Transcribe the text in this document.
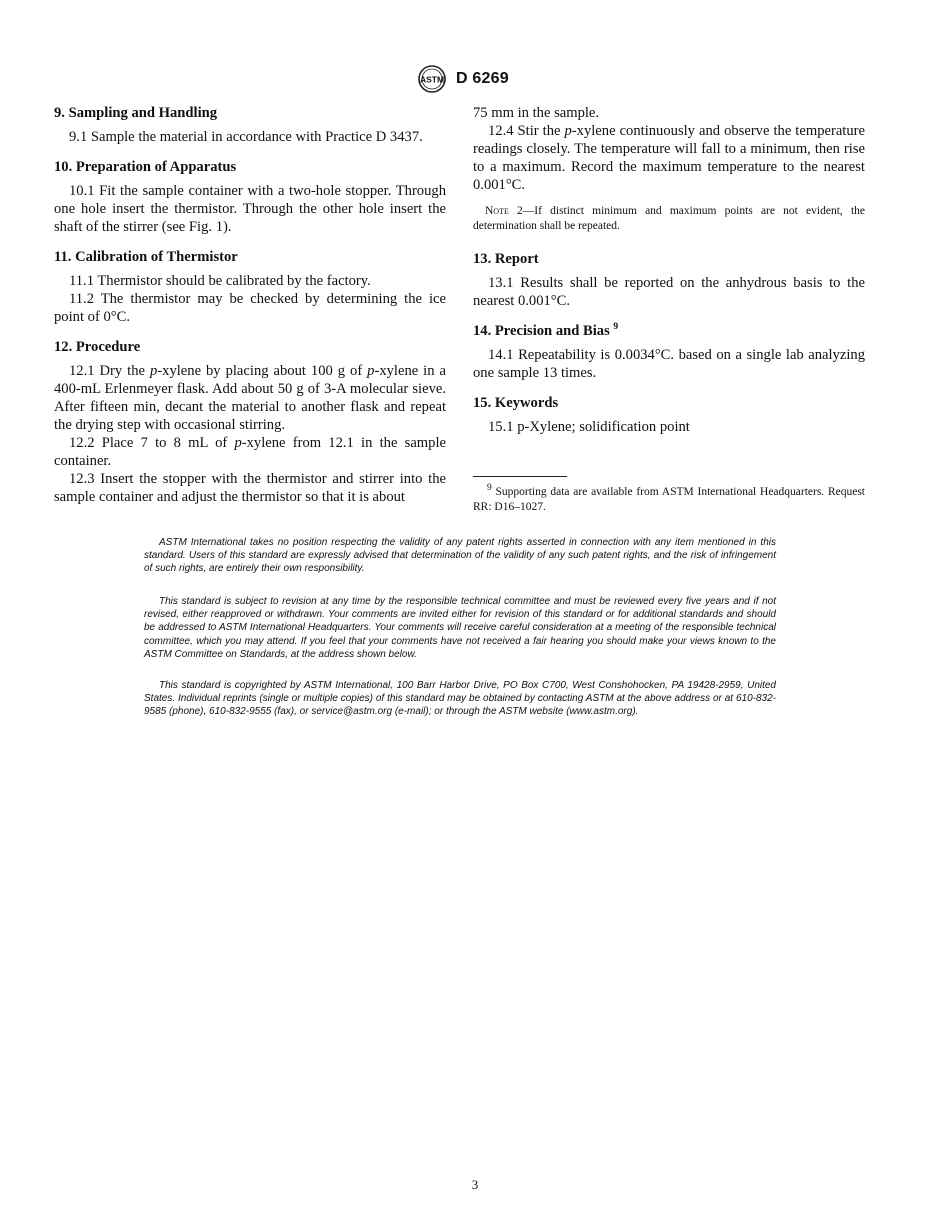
ASTM D 6269
9. Sampling and Handling

9.1 Sample the material in accordance with Practice D 3437.

10. Preparation of Apparatus

10.1 Fit the sample container with a two-hole stopper. Through one hole insert the thermistor. Through the other hole insert the shaft of the stirrer (see Fig. 1).

11. Calibration of Thermistor

11.1 Thermistor should be calibrated by the factory.

11.2 The thermistor may be checked by determining the ice point of 0°C.

12. Procedure

12.1 Dry the p-xylene by placing about 100 g of p-xylene in a 400-mL Erlenmeyer flask. Add about 50 g of 3-A molecular sieve. After fifteen min, decant the material to another flask and repeat the drying step with occasional stirring.

12.2 Place 7 to 8 mL of p-xylene from 12.1 in the sample container.

12.3 Insert the stopper with the thermistor and stirrer into the sample container and adjust the thermistor so that it is about

75 mm in the sample.

12.4 Stir the p-xylene continuously and observe the temperature readings closely. The temperature will fall to a minimum, then rise to a maximum. Record the maximum temperature to the nearest 0.001°C.

Note 2—If distinct minimum and maximum points are not evident, the determination shall be repeated.

13. Report

13.1 Results shall be reported on the anhydrous basis to the nearest 0.001°C.

14. Precision and Bias $^9$

14.1 Repeatability is 0.0034°C. based on a single lab analyzing one sample 13 times.

15. Keywords

15.1 p-Xylene; solidification point

$^9$ Supporting data are available from ASTM International Headquarters. Request RR: D16–1027.

ASTM International takes no position respecting the validity of any patent rights asserted in connection with any item mentioned in this standard. Users of this standard are expressly advised that determination of the validity of any such patent rights, and the risk of infringement of such rights, are entirely their own responsibility.

This standard is subject to revision at any time by the responsible technical committee and must be reviewed every five years and if not revised, either reapproved or withdrawn. Your comments are invited either for revision of this standard or for additional standards and should be addressed to ASTM International Headquarters. Your comments will receive careful consideration at a meeting of the responsible technical committee, which you may attend. If you feel that your comments have not received a fair hearing you should make your views known to the ASTM Committee on Standards, at the address shown below.

This standard is copyrighted by ASTM International, 100 Barr Harbor Drive, PO Box C700, West Conshohocken, PA 19428-2959, United States. Individual reprints (single or multiple copies) of this standard may be obtained by contacting ASTM at the above address or at 610-832-9585 (phone), 610-832-9555 (fax), or service@astm.org (e-mail); or through the ASTM website (www.astm.org).

3
